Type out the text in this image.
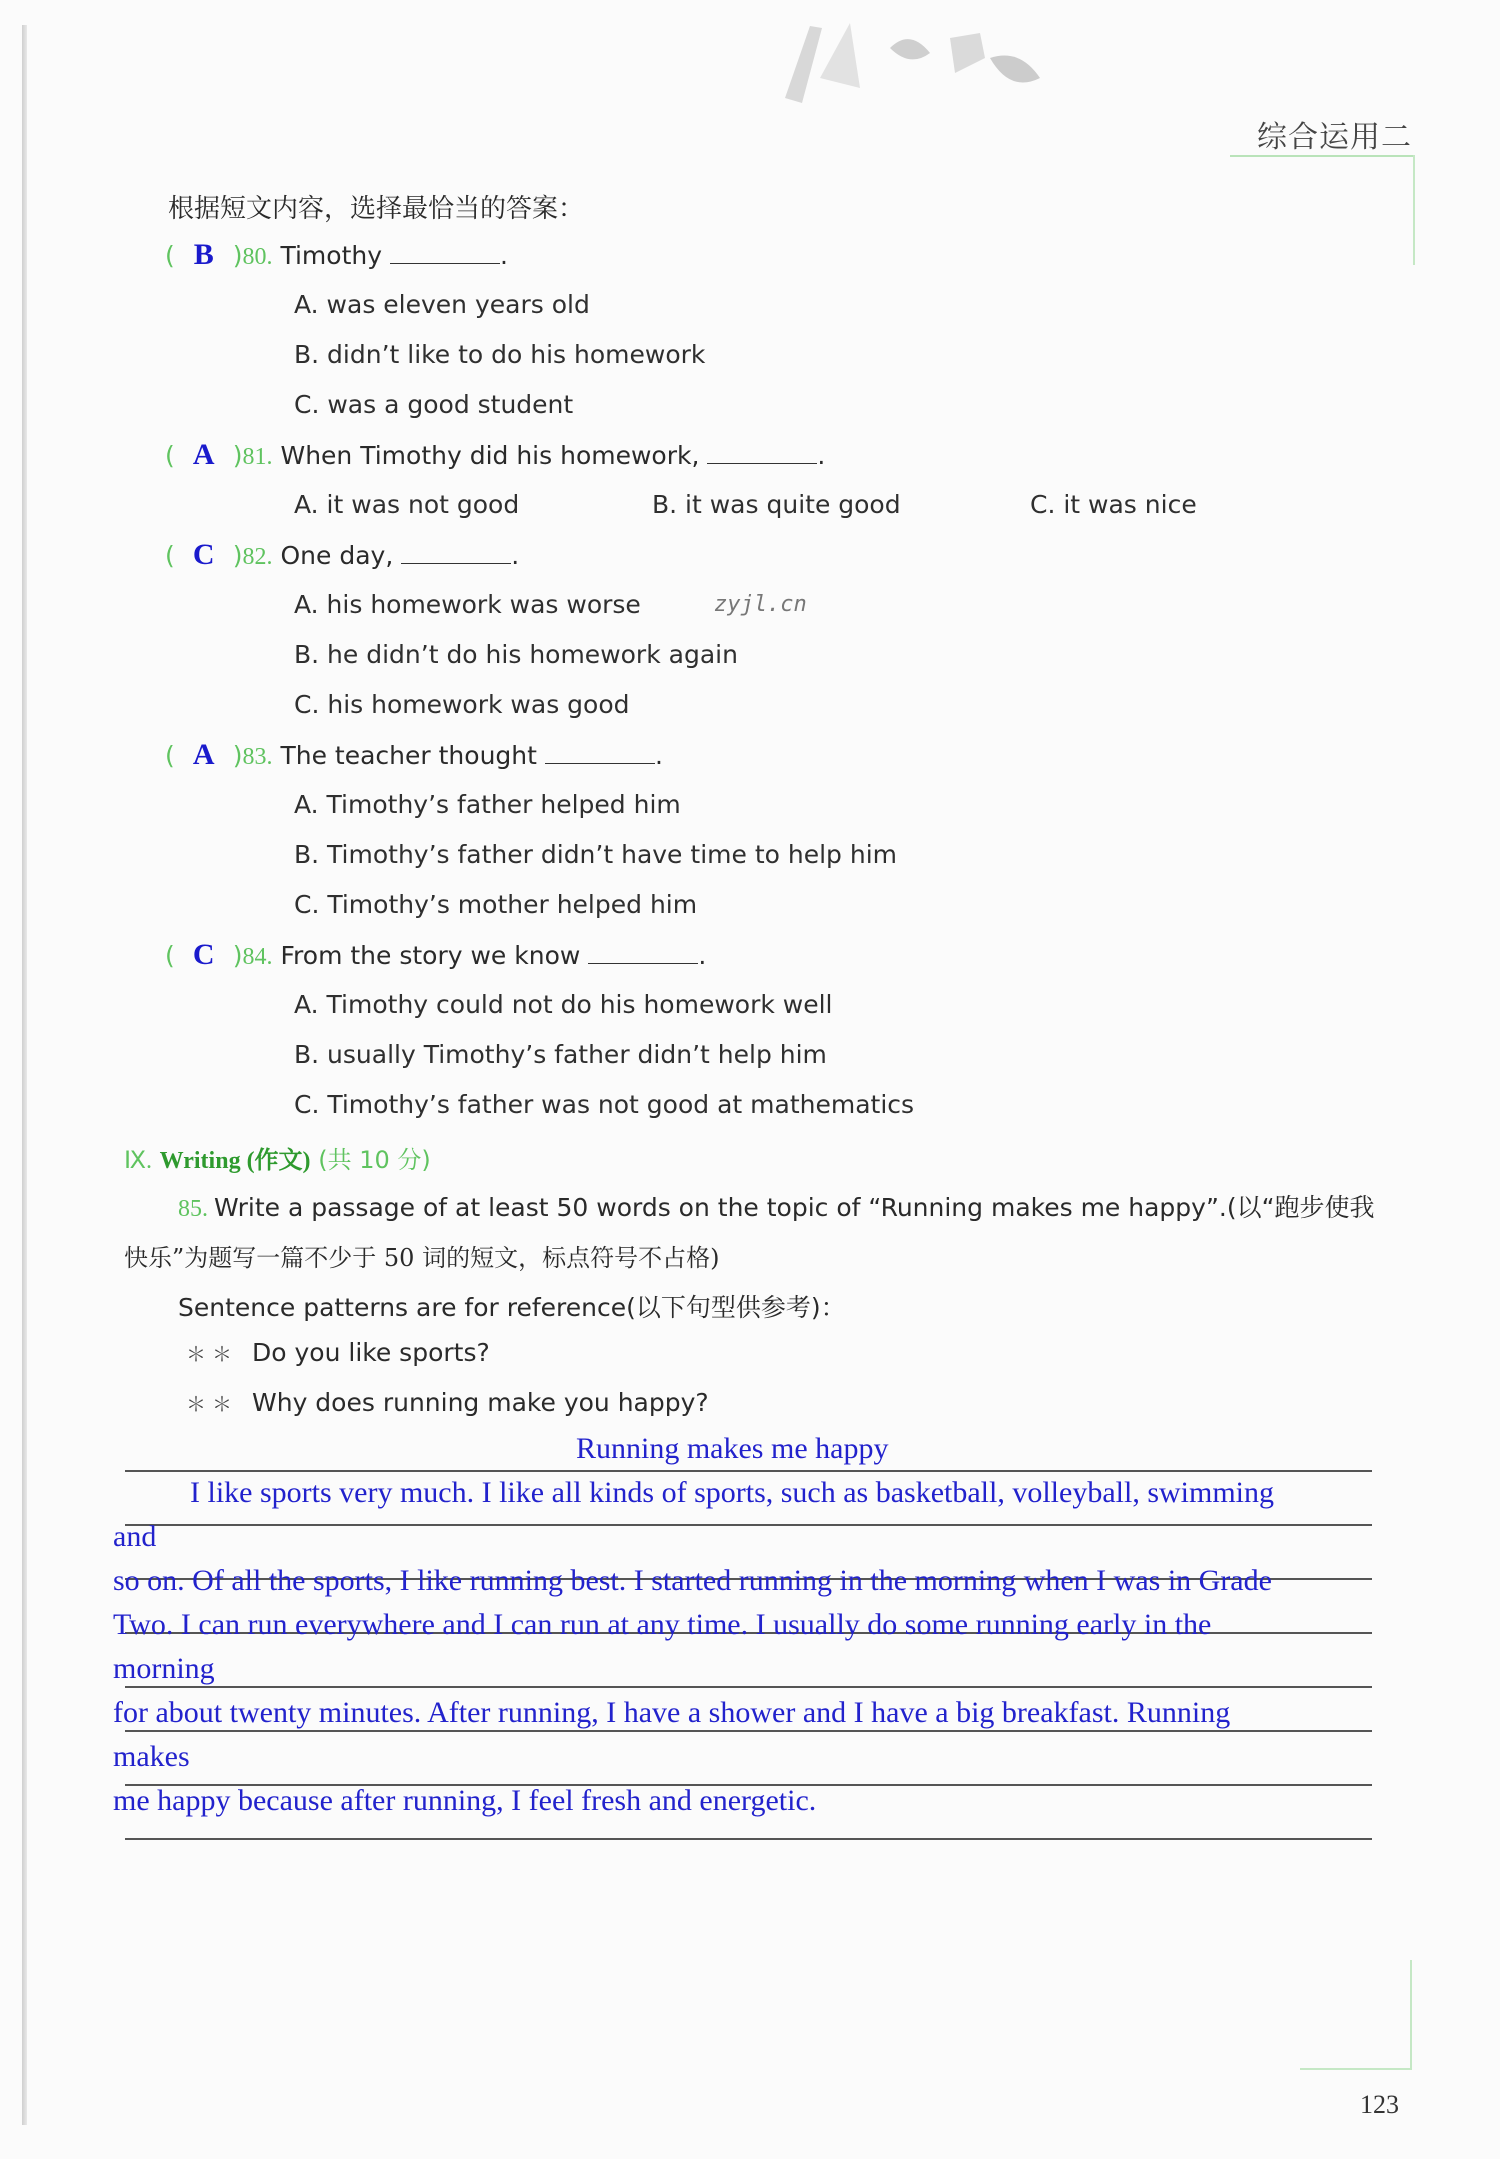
综合运用二
根据短文内容，选择最恰当的答案：
( B )80. Timothy	.
A. was eleven years old
B. didn’t like to do his homework
C. was a good student
( A )81. When Timothy did his homework,	.
A. it was not good	B. it was quite good	C. it was nice
( C )82. One day,	.
A. his homework was worse	zyjl.cn
B. he didn’t do his homework again
C. his homework was good
( A )83. The teacher thought	.
A. Timothy’s father helped him
B. Timothy’s father didn’t have time to help him
C. Timothy’s mother helped him
( C )84. From the story we know	.
A. Timothy could not do his homework well
B. usually Timothy’s father didn’t help him
C. Timothy’s father was not good at mathematics
Ⅸ. Writing (作文) (共 10 分)
85. Write a passage of at least 50 words on the topic of “Running makes me happy”.(以“跑步使我
快乐”为题写一篇不少于 50 词的短文，标点符号不占格)
Sentence patterns are for reference(以下句型供参考)：
＊＊ Do you like sports?
＊＊ Why does running make you happy?
Running makes me happy
I like sports very much. I like all kinds of sports, such as basketball, volleyball, swimming
and
so on. Of all the sports, I like running best. I started running in the morning when I was in Grade
Two. I can run everywhere and I can run at any time. I usually do some running early in the
morning
for about twenty minutes. After running, I have a shower and I have a big breakfast. Running
makes
me happy because after running, I feel fresh and energetic.
123
